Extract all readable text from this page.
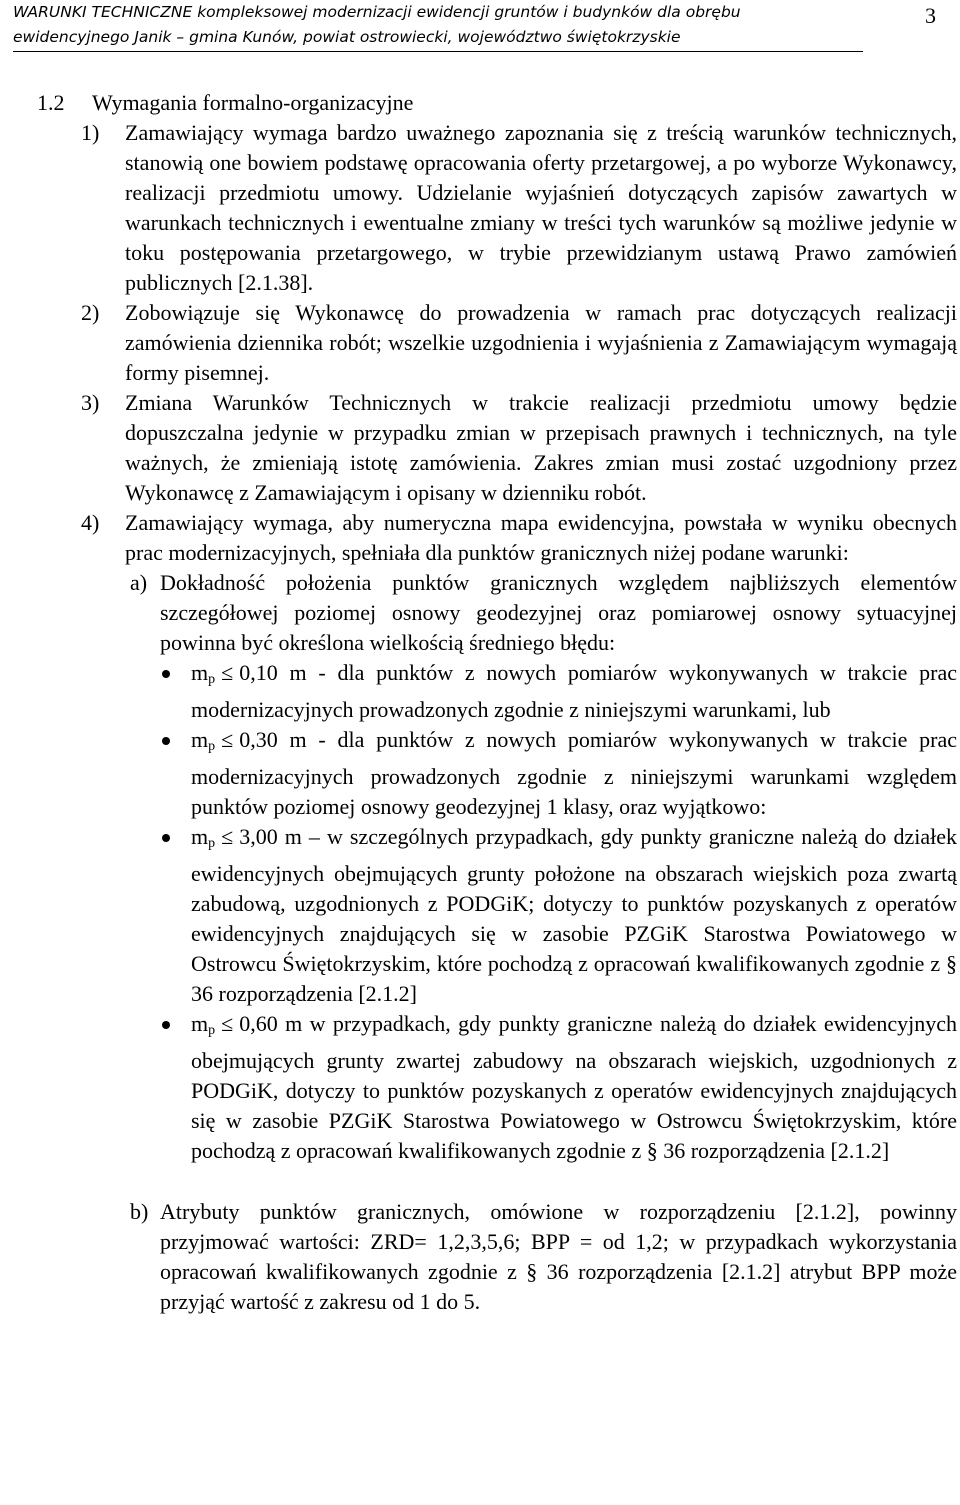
WARUNKI TECHNICZNE kompleksowej modernizacji ewidencji gruntów i budynków dla obrębu
ewidencyjnego Janik – gmina Kunów, powiat ostrowiecki, województwo świętokrzyskie
3
1.2 Wymagania formalno-organizacyjne
1) Zamawiający wymaga bardzo uważnego zapoznania się z treścią warunków technicznych, stanowią one bowiem podstawę opracowania oferty przetargowej, a po wyborze Wykonawcy, realizacji przedmiotu umowy. Udzielanie wyjaśnień dotyczących zapisów zawartych w warunkach technicznych i ewentualne zmiany w treści tych warunków są możliwe jedynie w toku postępowania przetargowego, w trybie przewidzianym ustawą Prawo zamówień publicznych [2.1.38].
2) Zobowiązuje się Wykonawcę do prowadzenia w ramach prac dotyczących realizacji zamówienia dziennika robót; wszelkie uzgodnienia i wyjaśnienia z Zamawiającym wymagają formy pisemnej.
3) Zmiana Warunków Technicznych w trakcie realizacji przedmiotu umowy będzie dopuszczalna jedynie w przypadku zmian w przepisach prawnych i technicznych, na tyle ważnych, że zmieniają istotę zamówienia. Zakres zmian musi zostać uzgodniony przez Wykonawcę z Zamawiającym i opisany w dzienniku robót.
4) Zamawiający wymaga, aby numeryczna mapa ewidencyjna, powstała w wyniku obecnych prac modernizacyjnych, spełniała dla punktów granicznych niżej podane warunki:
a) Dokładność położenia punktów granicznych względem najbliższych elementów szczegółowej poziomej osnowy geodezyjnej oraz pomiarowej osnowy sytuacyjnej powinna być określona wielkością średniego błędu:
$m_p \le 0,10$ m - dla punktów z nowych pomiarów wykonywanych w trakcie prac modernizacyjnych prowadzonych zgodnie z niniejszymi warunkami, lub
$m_p \le 0,30$ m - dla punktów z nowych pomiarów wykonywanych w trakcie prac modernizacyjnych prowadzonych zgodnie z niniejszymi warunkami względem punktów poziomej osnowy geodezyjnej 1 klasy, oraz wyjątkowo:
$m_p \le 3,00$ m – w szczególnych przypadkach, gdy punkty graniczne należą do działek ewidencyjnych obejmujących grunty położone na obszarach wiejskich poza zwartą zabudową, uzgodnionych z PODGiK; dotyczy to punktów pozyskanych z operatów ewidencyjnych znajdujących się w zasobie PZGiK Starostwa Powiatowego w Ostrowcu Świętokrzyskim, które pochodzą z opracowań kwalifikowanych zgodnie z § 36 rozporządzenia [2.1.2]
$m_p \le 0,60$ m w przypadkach, gdy punkty graniczne należą do działek ewidencyjnych obejmujących grunty zwartej zabudowy na obszarach wiejskich, uzgodnionych z PODGiK, dotyczy to punktów pozyskanych z operatów ewidencyjnych znajdujących się w zasobie PZGiK Starostwa Powiatowego w Ostrowcu Świętokrzyskim, które pochodzą z opracowań kwalifikowanych zgodnie z § 36 rozporządzenia [2.1.2]
b) Atrybuty punktów granicznych, omówione w rozporządzeniu [2.1.2], powinny przyjmować wartości: ZRD= 1,2,3,5,6; BPP = od 1,2; w przypadkach wykorzystania opracowań kwalifikowanych zgodnie z § 36 rozporządzenia [2.1.2] atrybut BPP może przyjąć wartość z zakresu od 1 do 5.
